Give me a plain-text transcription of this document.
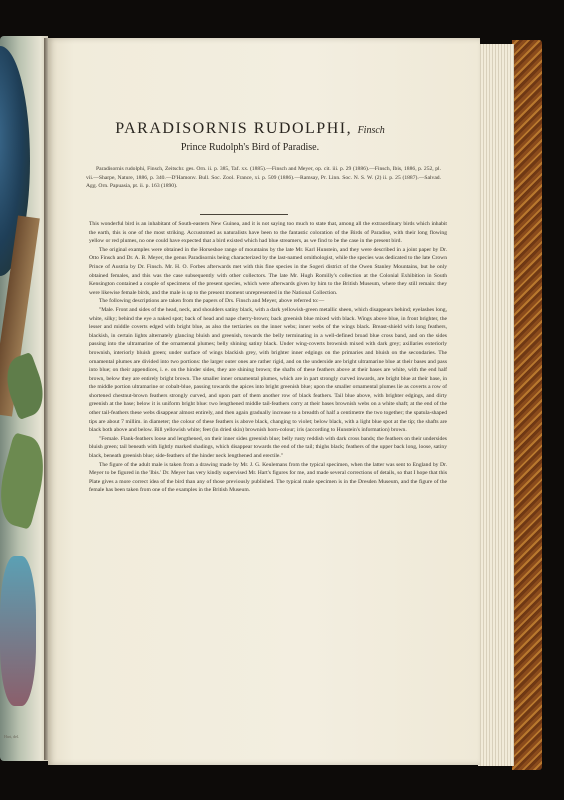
Hart, del.
PARADISORNIS RUDOLPHI, Finsch
Prince Rudolph's Bird of Paradise.
Paradisornis rudolphi, Finsch, Zeitschr. ges. Orn. ii. p. 385, Taf. xx. (1885).—Finsch and Meyer, op. cit. iii. p. 29 (1886).—Finsch, Ibis, 1886, p. 252, pl. vii.—Sharpe, Nature, 1886, p. 340.—D'Hamonv. Bull. Soc. Zool. France, xi. p. 509 (1886).—Ramsay, Pr. Linn. Soc. N. S. W. (2) ii. p. 25 (1887).—Salvad. Agg. Orn. Papuasia, pt. ii. p. 163 (1890).

This wonderful bird is an inhabitant of South-eastern New Guinea, and it is not saying too much to state that, among all the extraordinary birds which inhabit the earth, this is one of the most striking. Accustomed as naturalists have been to the fantastic coloration of the Birds of Paradise, with their long flowing yellow or red plumes, no one could have expected that a bird existed which had blue streamers, as we find to be the case in the present bird.

The original examples were obtained in the Horseshoe range of mountains by the late Mr. Karl Hunstein, and they were described in a joint paper by Dr. Otto Finsch and Dr. A. B. Meyer, the genus Paradisornis being characterized by the last-named ornithologist, while the species was dedicated to the late Crown Prince of Austria by Dr. Finsch. Mr. H. O. Forbes afterwards met with this fine species in the Sogeri district of the Owen Stanley Mountains, but he only obtained females, and this was the case subsequently with other collectors. The late Mr. Hugh Romilly's collection at the Colonial Exhibition in South Kensington contained a couple of specimens of the present species, which were afterwards given by him to the British Museum, where they still remain: they were likewise female birds, and the male is up to the present moment unrepresented in the National Collection.

The following descriptions are taken from the papers of Drs. Finsch and Meyer, above referred to:—

"Male. Front and sides of the head, neck, and shoulders satiny black, with a dark yellowish-green metallic sheen, which disappears behind; eyelashes long, white, silky; behind the eye a naked spot; back of head and nape cherry-brown; back greenish blue mixed with black. Wings above blue, in front brighter, the lesser and middle coverts edged with bright blue, as also the tertiaries on the inner webs; inner webs of the wings black. Breast-shield with long feathers, blackish, in certain lights alternately glancing bluish and greenish, towards the belly terminating in a well-defined broad blue cross band, and on the sides passing into the ultramarine of the ornamental plumes; belly shining satiny black. Under wing-coverts brownish mixed with dark grey; axillaries exteriorly brownish, interiorly bluish green; under surface of wings blackish grey, with brighter inner edgings on the primaries and bluish on the secondaries. The ornamental plumes are divided into two portions: the larger outer ones are rather rigid, and on the underside are bright ultramarine blue at their bases and pass into blue; on their appendices, i. e. on the hinder sides, they are shining brown; the shafts of these feathers above at their bases are white, with the end half brown, below they are entirely bright brown. The smaller inner ornamental plumes, which are in part strongly curved inwards, are bright blue at their base, in the middle portion ultramarine or cobalt-blue, passing towards the apices into bright greenish blue; upon the smaller ornamental plumes lie as coverts a row of shortened chestnut-brown feathers strongly curved, and upon part of them another row of black feathers. Tail blue above, with brighter edgings, and dirty greenish at the base; below it is uniform bright blue: two lengthened middle tail-feathers corry at their bases brownish webs on a white shaft; at the end of the other tail-feathers these webs disappear almost entirely, and then again gradually increase to a breadth of half a centimetre the two together; the spatula-shaped tips are about 7 millim. in diameter; the colour of these feathers is above black, changing to violet; below black, with a light blue spot at the tip; the shafts are black both above and below. Bill yellowish white; feet (in dried skin) brownish horn-colour; iris (according to Hunstein's information) brown.

"Female. Flank-feathers loose and lengthened, on their inner sides greenish blue; belly rusty reddish with dark cross bands; the feathers on their undersides bluish green; tail beneath with lightly marked shadings, which disappear towards the end of the tail; thighs black; feathers of the upper back long, loose, satiny black, beneath greenish blue; side-feathers of the hinder neck lengthened and erectile."

The figure of the adult male is taken from a drawing made by Mr. J. G. Keulemans from the typical specimen, when the latter was sent to England by Dr. Meyer to be figured in the 'Ibis.' Dr. Meyer has very kindly supervised Mr. Hart's figures for me, and made several corrections of details, so that I hope that this Plate gives a more correct idea of the bird than any of those previously published. The typical male specimen is in the Dresden Museum, and the figure of the female has been taken from one of the examples in the British Museum.
